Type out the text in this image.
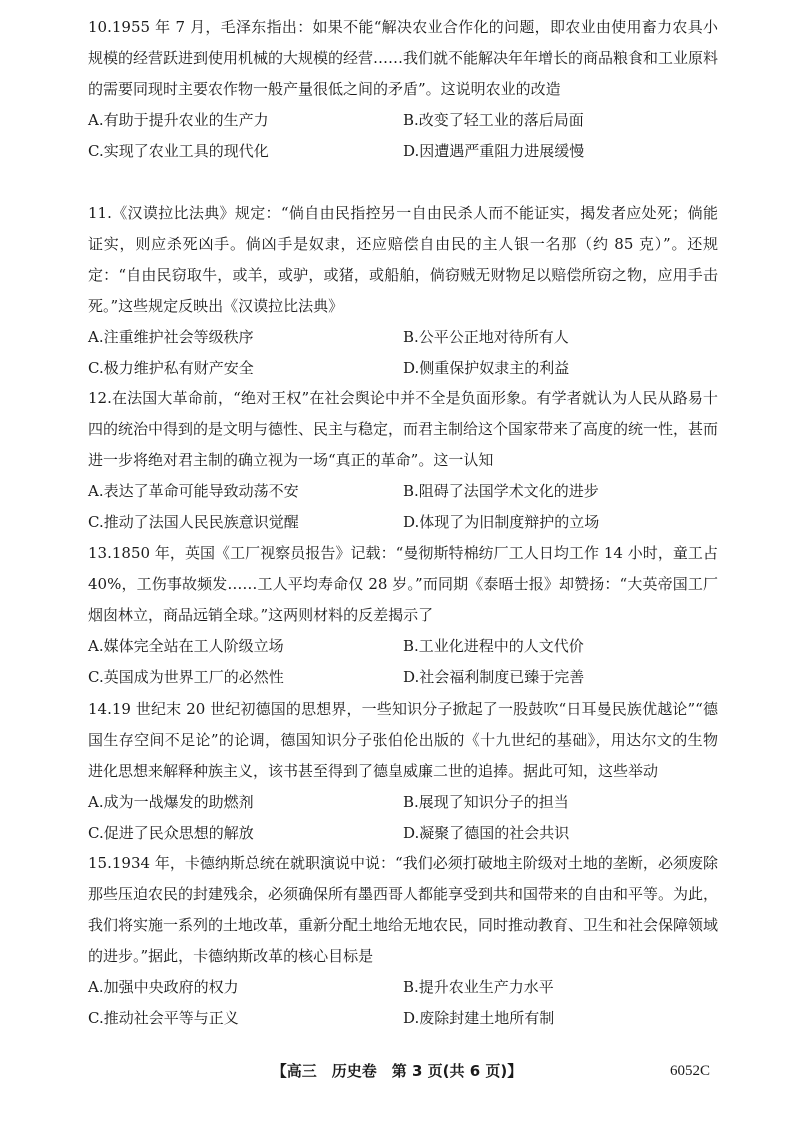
10.1955 年 7 月，毛泽东指出：如果不能“解决农业合作化的问题，即农业由使用畜力农具小规模的经营跃进到使用机械的大规模的经营……我们就不能解决年年增长的商品粮食和工业原料的需要同现时主要农作物一般产量很低之间的矛盾”。这说明农业的改造

A.有助于提升农业的生产力	B.改变了轻工业的落后局面
C.实现了农业工具的现代化	D.因遭遇严重阻力进展缓慢

11.《汉谟拉比法典》规定：“倘自由民指控另一自由民杀人而不能证实，揭发者应处死；倘能证实，则应杀死凶手。倘凶手是奴隶，还应赔偿自由民的主人银一名那（约 85 克）”。还规定：“自由民窃取牛，或羊，或驴，或猪，或船舶，倘窃贼无财物足以赔偿所窃之物，应用手击死。”这些规定反映出《汉谟拉比法典》

A.注重维护社会等级秩序	B.公平公正地对待所有人
C.极力维护私有财产安全	D.侧重保护奴隶主的利益

12.在法国大革命前，“绝对王权”在社会舆论中并不全是负面形象。有学者就认为人民从路易十四的统治中得到的是文明与德性、民主与稳定，而君主制给这个国家带来了高度的统一性，甚而进一步将绝对君主制的确立视为一场“真正的革命”。这一认知

A.表达了革命可能导致动荡不安	B.阻碍了法国学术文化的进步
C.推动了法国人民民族意识觉醒	D.体现了为旧制度辩护的立场

13.1850 年，英国《工厂视察员报告》记载：“曼彻斯特棉纺厂工人日均工作 14 小时，童工占 40%，工伤事故频发……工人平均寿命仅 28 岁。”而同期《泰晤士报》却赞扬：“大英帝国工厂烟囱林立，商品远销全球。”这两则材料的反差揭示了

A.媒体完全站在工人阶级立场	B.工业化进程中的人文代价
C.英国成为世界工厂的必然性	D.社会福利制度已臻于完善

14.19 世纪末 20 世纪初德国的思想界，一些知识分子掀起了一股鼓吹“日耳曼民族优越论”“德国生存空间不足论”的论调，德国知识分子张伯伦出版的《十九世纪的基础》，用达尔文的生物进化思想来解释种族主义，该书甚至得到了德皇威廉二世的追捧。据此可知，这些举动

A.成为一战爆发的助燃剂	B.展现了知识分子的担当
C.促进了民众思想的解放	D.凝聚了德国的社会共识

15.1934 年，卡德纳斯总统在就职演说中说：“我们必须打破地主阶级对土地的垄断，必须废除那些压迫农民的封建残余，必须确保所有墨西哥人都能享受到共和国带来的自由和平等。为此，我们将实施一系列的土地改革，重新分配土地给无地农民，同时推动教育、卫生和社会保障领域的进步。”据此，卡德纳斯改革的核心目标是

A.加强中央政府的权力	B.提升农业生产力水平
C.推动社会平等与正义	D.废除封建土地所有制
【高三　历史卷　第 3 页(共 6 页)】	6052C
